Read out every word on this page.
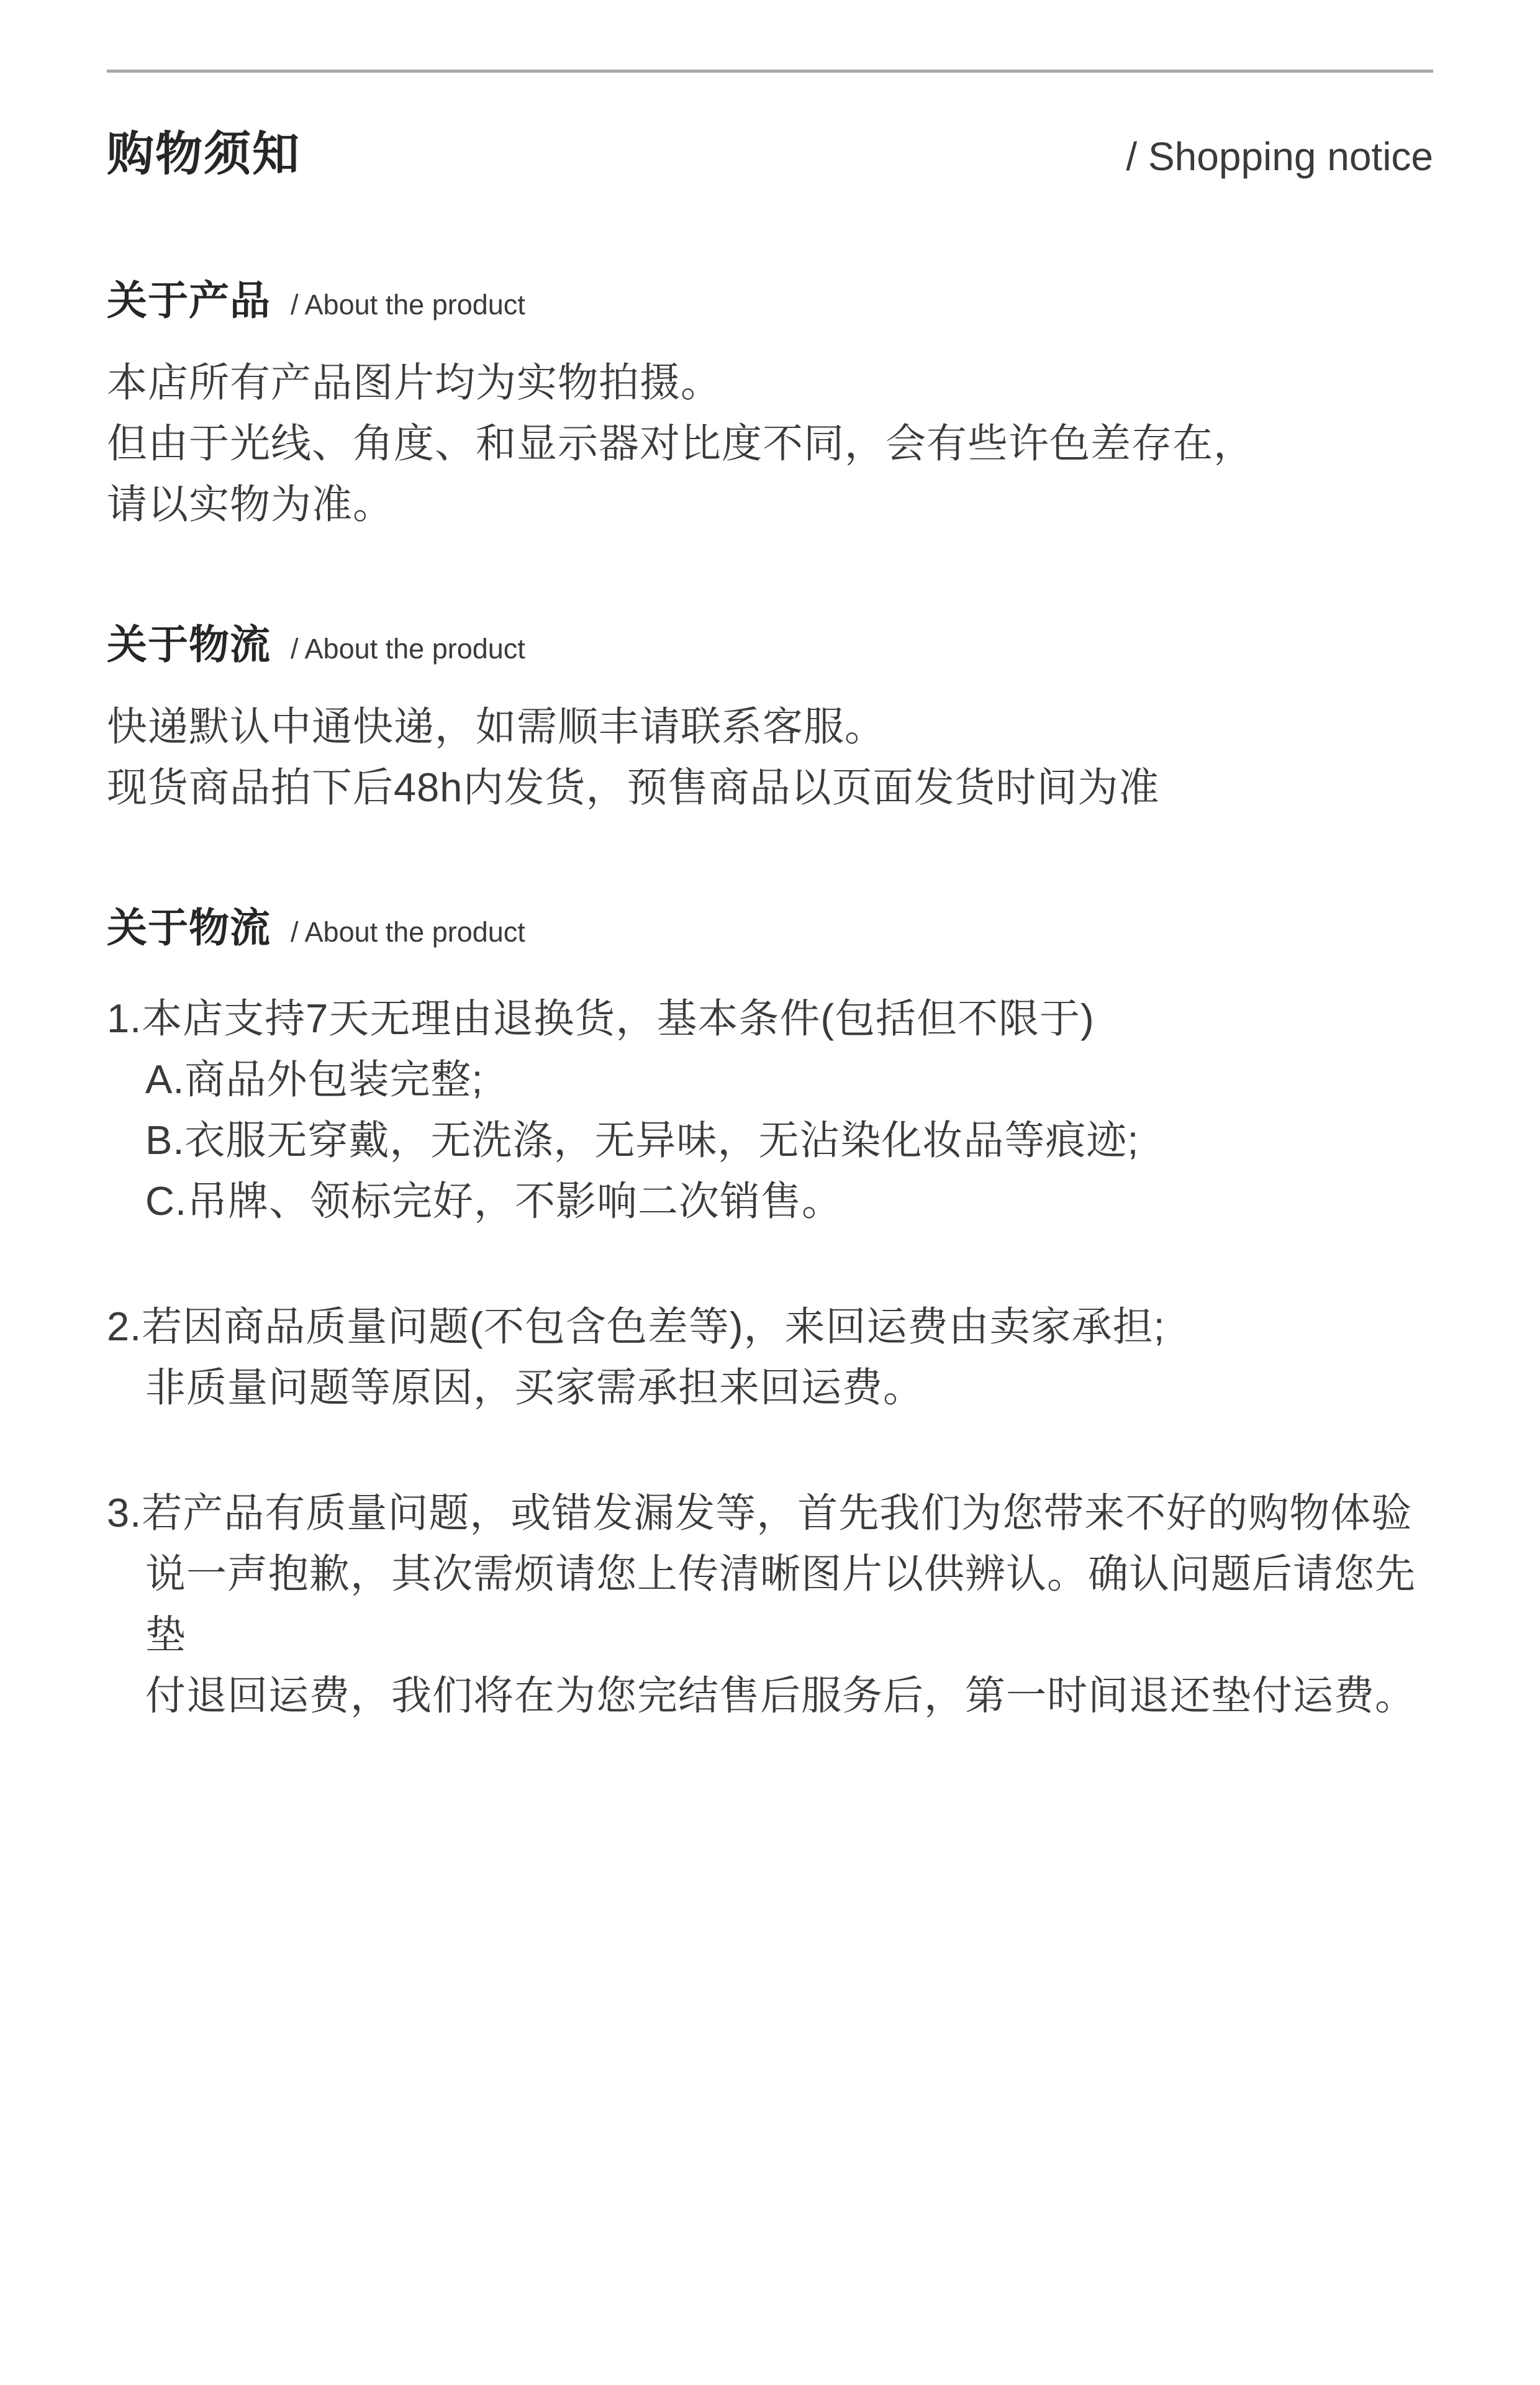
购物须知	/ Shopping notice
关于产品 / About the product

本店所有产品图片均为实物拍摄。

但由于光线、角度、和显示器对比度不同，会有些许色差存在，

请以实物为准。

关于物流 / About the product

快递默认中通快递，如需顺丰请联系客服。

现货商品拍下后48h内发货，预售商品以页面发货时间为准

关于物流 / About the product

1.本店支持7天无理由退换货，基本条件(包括但不限于)

A.商品外包装完整;

B.衣服无穿戴，无洗涤，无异味，无沾染化妆品等痕迹;

C.吊牌、领标完好，不影响二次销售。

2.若因商品质量问题(不包含色差等)，来回运费由卖家承担;

非质量问题等原因，买家需承担来回运费。

3.若产品有质量问题，或错发漏发等，首先我们为您带来不好的购物体验

说一声抱歉，其次需烦请您上传清晰图片以供辨认。确认问题后请您先垫

付退回运费，我们将在为您完结售后服务后，第一时间退还垫付运费。
